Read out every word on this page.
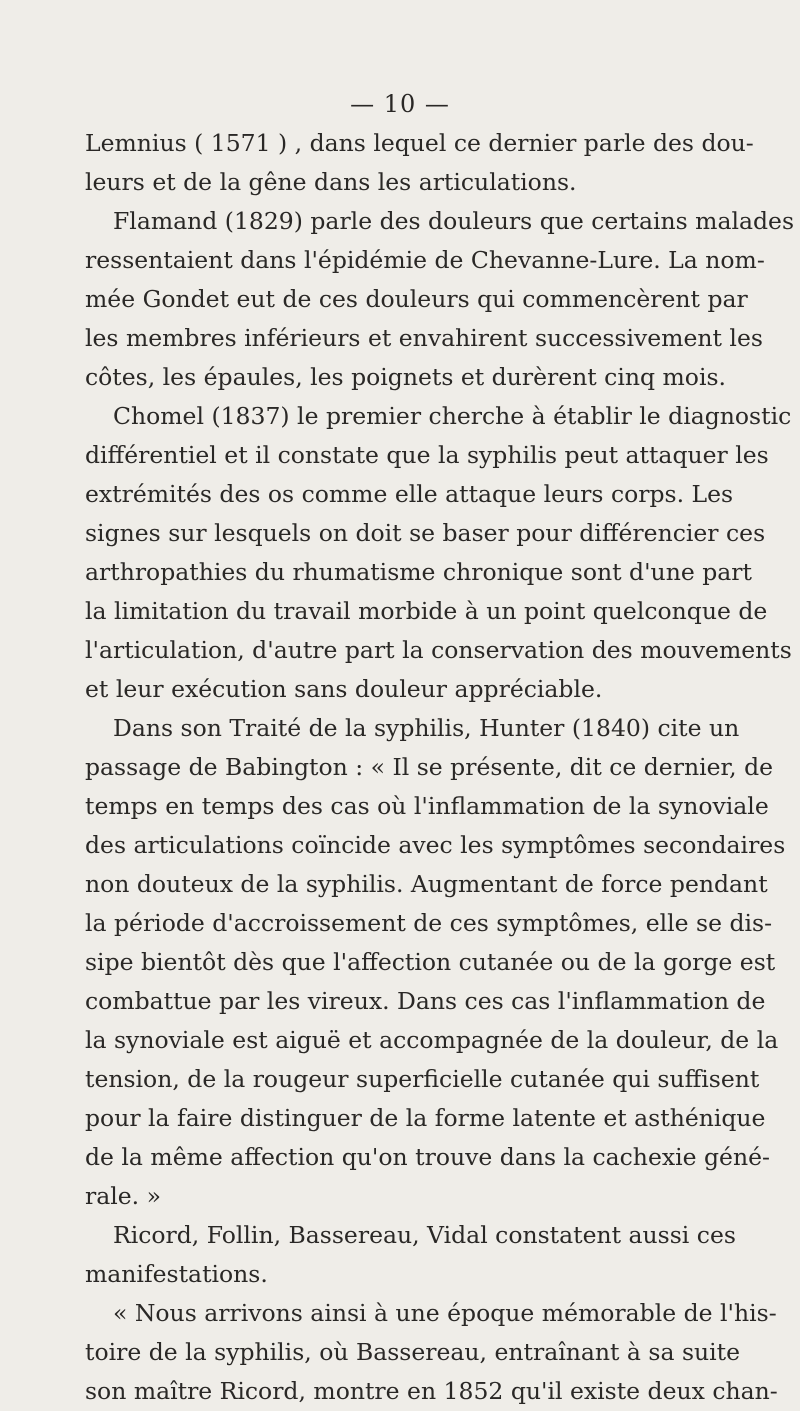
— 10 —
Lemnius ( 1571 ) , dans lequel ce dernier parle des dou-
leurs et de la gêne dans les articulations.
Flamand (1829) parle des douleurs que certains malades
ressentaient dans l'épidémie de Chevanne-Lure. La nom-
mée Gondet eut de ces douleurs qui commencèrent par
les membres inférieurs et envahirent successivement les
côtes, les épaules, les poignets et durèrent cinq mois.
Chomel (1837) le premier cherche à établir le diagnostic
différentiel et il constate que la syphilis peut attaquer les
extrémités des os comme elle attaque leurs corps. Les
signes sur lesquels on doit se baser pour différencier ces
arthropathies du rhumatisme chronique sont d'une part
la limitation du travail morbide à un point quelconque de
l'articulation, d'autre part la conservation des mouvements
et leur exécution sans douleur appréciable.
Dans son Traité de la syphilis, Hunter (1840) cite un
passage de Babington : « Il se présente, dit ce dernier, de
temps en temps des cas où l'inflammation de la synoviale
des articulations coïncide avec les symptômes secondaires
non douteux de la syphilis. Augmentant de force pendant
la période d'accroissement de ces symptômes, elle se dis-
sipe bientôt dès que l'affection cutanée ou de la gorge est
combattue par les vireux. Dans ces cas l'inflammation de
la synoviale est aiguë et accompagnée de la douleur, de la
tension, de la rougeur superficielle cutanée qui suffisent
pour la faire distinguer de la forme latente et asthénique
de la même affection qu'on trouve dans la cachexie géné-
rale. »
Ricord, Follin, Bassereau, Vidal constatent aussi ces
manifestations.
« Nous arrivons ainsi à une époque mémorable de l'his-
toire de la syphilis, où Bassereau, entraînant à sa suite
son maître Ricord, montre en 1852 qu'il existe deux chan-
